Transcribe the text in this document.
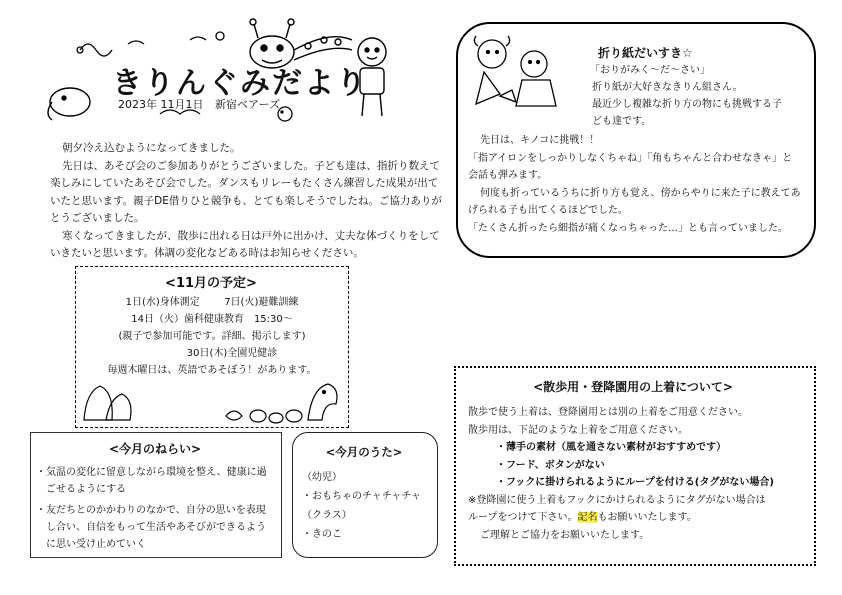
きりんぐみだより
2023年 11月1日 新宿ベアーズ

朝夕冷え込むようになってきました。

先日は、あそび会のご参加ありがとうございました。子ども達は、指折り数えて楽しみにしていたあそび会でした。ダンスもリレーもたくさん練習した成果が出ていたと思います。親子DE借りひと競争も、とても楽しそうでしたね。ご協力ありがとうございました。

寒くなってきましたが、散歩に出れる日は戸外に出かけ、丈夫な体づくりをしていきたいと思います。体調の変化などある時はお知らせください。

折り紙だいすき☆

「おりがみく～だ～さい」

折り紙が大好きなきりん組さん。

最近少し複雑な折り方の物にも挑戦する子

ども達です。

先日は、キノコに挑戦！！

「指アイロンをしっかりしなくちゃね」「角もちゃんと合わせなきゃ」と会話も弾みます。

何度も折っているうちに折り方も覚え、傍からやりに来た子に教えてあげられる子も出てくるほどでした。

「たくさん折ったら細指が痛くなっちゃった…」とも言っていました。

<11月の予定>
1日(水)身体測定 7日(火)避難訓練
14日（火）歯科健康教育　15:30～
(親子で参加可能です。詳細、掲示します)
30日(木)全園児健診
毎週木曜日は、英語であそぼう！があります。
<今月のねらい>
・気温の変化に留意しながら環境を整え、健康に過ごせるようにする
・友だちとのかかわりのなかで、自分の思いを表現し合い、自信をもって生活やあそびができるように思い受け止めていく
<今月のうた>
（幼児）
・おもちゃのチャチャチャ
（クラス）
・きのこ
<散歩用・登降園用の上着について>
散歩で使う上着は、登降園用とは別の上着をご用意ください。
散歩用は、下記のような上着をご用意ください。
・薄手の素材（風を通さない素材がおすすめです）
・フード、ボタンがない
・フックに掛けられるようにループを付ける(タグがない場合)
※登降園に使う上着もフックにかけられるようにタグがない場合は
ループをつけて下さい。記名もお願いいたします。
ご理解とご協力をお願いいたします。
